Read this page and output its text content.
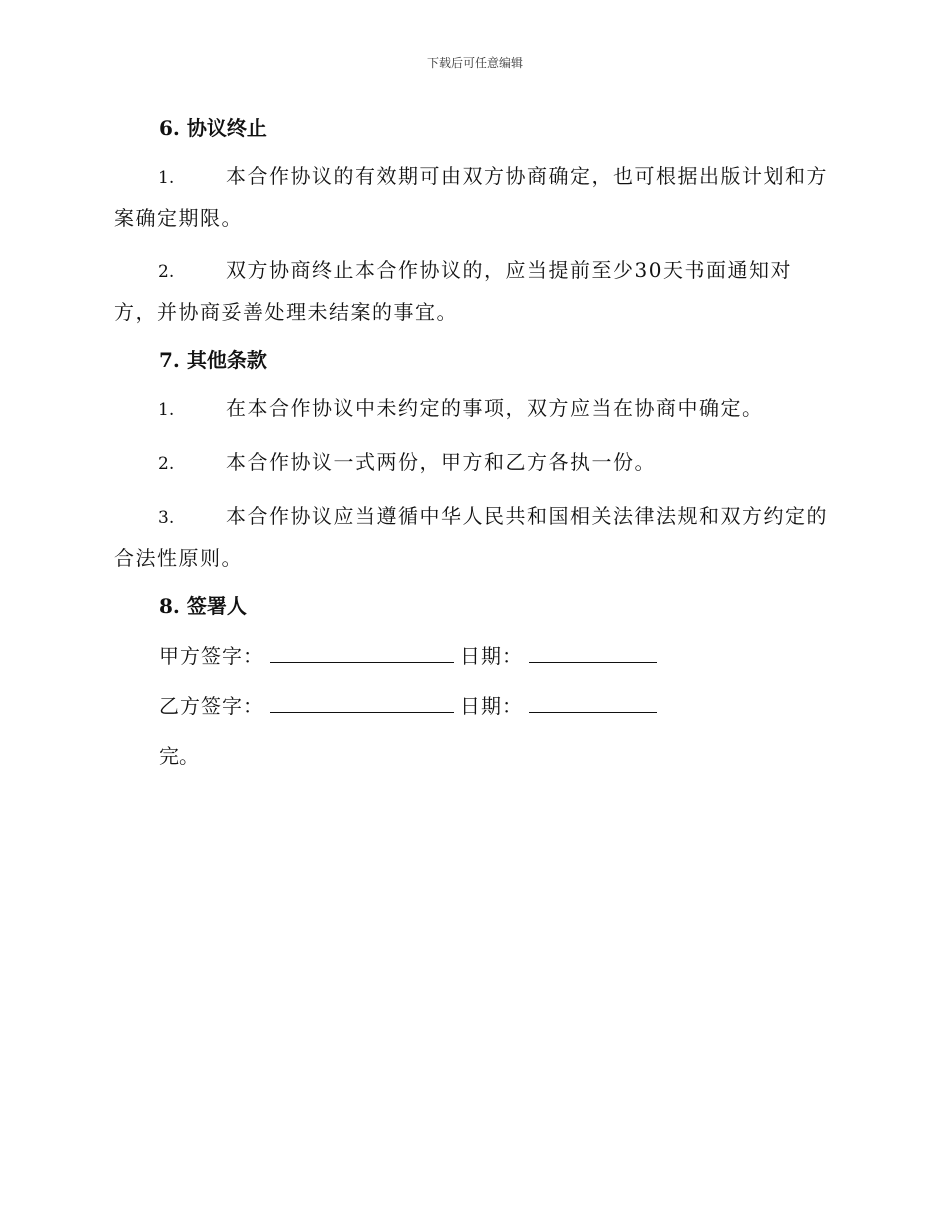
下载后可任意编辑
6. 协议终止

1.	本合作协议的有效期可由双方协商确定，也可根据出版计划和方案确定期限。

2.	双方协商终止本合作协议的，应当提前至少30天书面通知对方，并协商妥善处理未结案的事宜。

7. 其他条款

1.	在本合作协议中未约定的事项，双方应当在协商中确定。

2.	本合作协议一式两份，甲方和乙方各执一份。

3.	本合作协议应当遵循中华人民共和国相关法律法规和双方约定的合法性原则。

8. 签署人
甲方签字：	日期：
乙方签字：	日期：
完。
